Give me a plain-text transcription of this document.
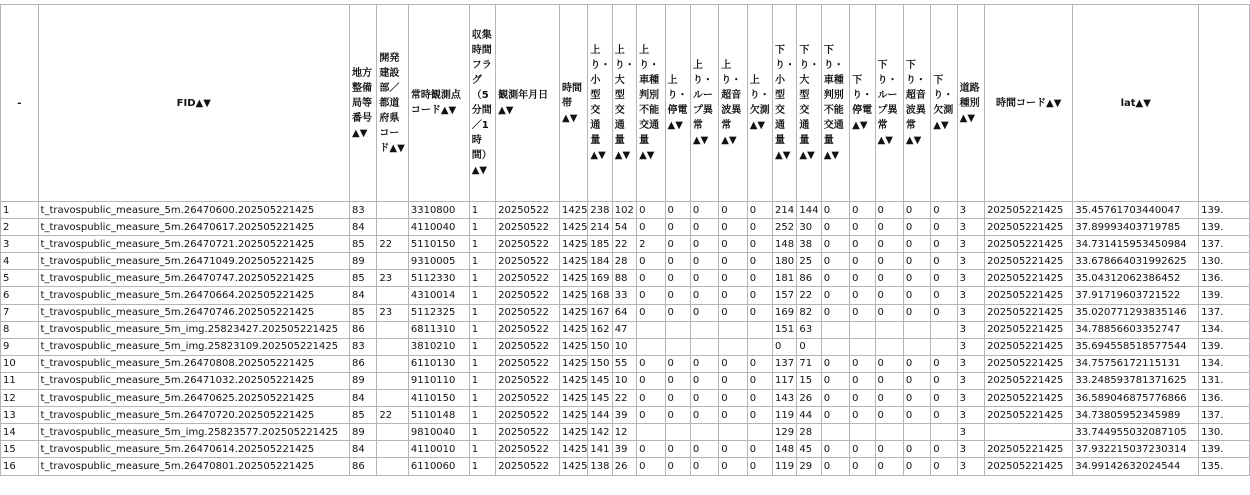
-	FID▲▼	地方整備局等番号▲▼	開発建設部／都道府県コード▲▼	常時観測点コード▲▼	収集時間フラグ（5分間／1時間）▲▼	観測年月日▲▼	時間帯▲▼	上り・小型交通量▲▼	上り・大型交通量▲▼	上り・車種判別不能交通量▲▼	上り・停電▲▼	上り・ループ異常▲▼	上り・超音波異常▲▼	上り・欠測▲▼	下り・小型交通量▲▼	下り・大型交通量▲▼	下り・車種判別不能交通量▲▼	下り・停電▲▼	下り・ループ異常▲▼	下り・超音波異常▲▼	下り・欠測▲▼	道路種別▲▼	時間コード▲▼	lat▲▼	
1	t_travospublic_measure_5m.26470600.202505221425	83		3310800	1	20250522	1425	238	102	0	0	0	0	0	214	144	0	0	0	0	0	3	202505221425	35.45761703440047	139.
2	t_travospublic_measure_5m.26470617.202505221425	84		4110040	1	20250522	1425	214	54	0	0	0	0	0	252	30	0	0	0	0	0	3	202505221425	37.89993403719785	139.
3	t_travospublic_measure_5m.26470721.202505221425	85	22	5110150	1	20250522	1425	185	22	2	0	0	0	0	148	38	0	0	0	0	0	3	202505221425	34.731415953450984	137.
4	t_travospublic_measure_5m.26471049.202505221425	89		9310005	1	20250522	1425	184	28	0	0	0	0	0	180	25	0	0	0	0	0	3	202505221425	33.678664031992625	130.
5	t_travospublic_measure_5m.26470747.202505221425	85	23	5112330	1	20250522	1425	169	88	0	0	0	0	0	181	86	0	0	0	0	0	3	202505221425	35.04312062386452	136.
6	t_travospublic_measure_5m.26470664.202505221425	84		4310014	1	20250522	1425	168	33	0	0	0	0	0	157	22	0	0	0	0	0	3	202505221425	37.91719603721522	139.
7	t_travospublic_measure_5m.26470746.202505221425	85	23	5112325	1	20250522	1425	167	64	0	0	0	0	0	169	82	0	0	0	0	0	3	202505221425	35.020771293835146	137.
8	t_travospublic_measure_5m_img.25823427.202505221425	86		6811310	1	20250522	1425	162	47						151	63						3	202505221425	34.78856603352747	134.
9	t_travospublic_measure_5m_img.25823109.202505221425	83		3810210	1	20250522	1425	150	10						0	0						3	202505221425	35.694558518577544	139.
10	t_travospublic_measure_5m.26470808.202505221425	86		6110130	1	20250522	1425	150	55	0	0	0	0	0	137	71	0	0	0	0	0	3	202505221425	34.75756172115131	134.
11	t_travospublic_measure_5m.26471032.202505221425	89		9110110	1	20250522	1425	145	10	0	0	0	0	0	117	15	0	0	0	0	0	3	202505221425	33.248593781371625	131.
12	t_travospublic_measure_5m.26470625.202505221425	84		4110150	1	20250522	1425	145	22	0	0	0	0	0	143	26	0	0	0	0	0	3	202505221425	36.589046875776866	136.
13	t_travospublic_measure_5m.26470720.202505221425	85	22	5110148	1	20250522	1425	144	39	0	0	0	0	0	119	44	0	0	0	0	0	3	202505221425	34.73805952345989	137.
14	t_travospublic_measure_5m_img.25823577.202505221425	89		9810040	1	20250522	1425	142	12						129	28						3		33.744955032087105	130.
15	t_travospublic_measure_5m.26470614.202505221425	84		4110010	1	20250522	1425	141	39	0	0	0	0	0	148	45	0	0	0	0	0	3	202505221425	37.932215037230314	139.
16	t_travospublic_measure_5m.26470801.202505221425	86		6110060	1	20250522	1425	138	26	0	0	0	0	0	119	29	0	0	0	0	0	3	202505221425	34.99142632024544	135.
